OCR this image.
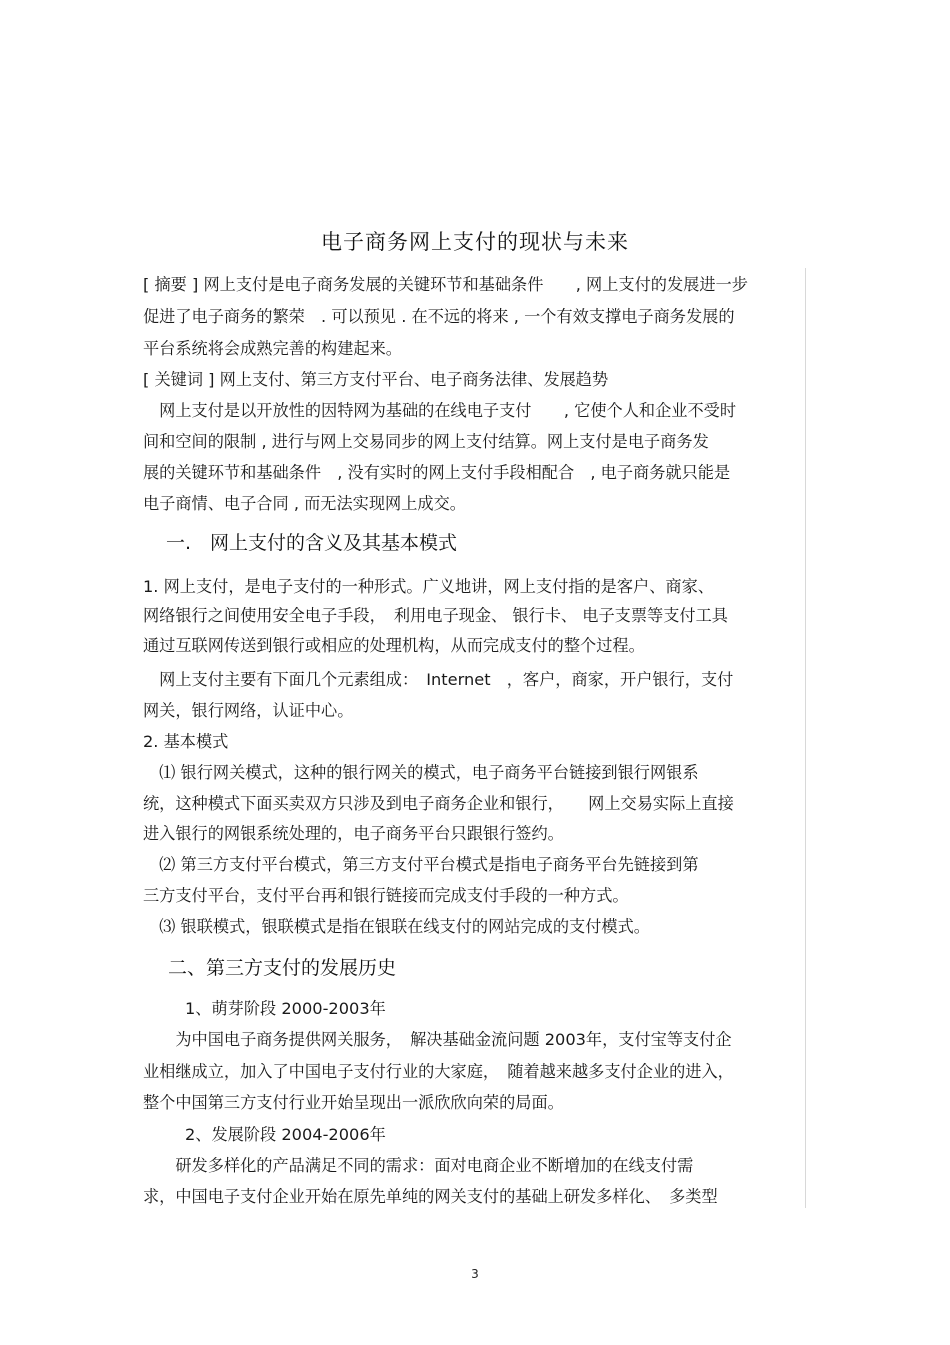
电子商务网上支付的现状与未来
[ 摘要 ] 网上支付是电子商务发展的关键环节和基础条件　　, 网上支付的发展进一步
促进了电子商务的繁荣　. 可以预见 . 在不远的将来 , 一个有效支撑电子商务发展的
平台系统将会成熟完善的构建起来。
[ 关键词 ] 网上支付、第三方支付平台、电子商务法律、发展趋势
　网上支付是以开放性的因特网为基础的在线电子支付　　, 它使个人和企业不受时
间和空间的限制 , 进行与网上交易同步的网上支付结算。网上支付是电子商务发
展的关键环节和基础条件　, 没有实时的网上支付手段相配合　, 电子商务就只能是
电子商情、电子合同 , 而无法实现网上成交。
一.　网上支付的含义及其基本模式
1. 网上支付，是电子支付的一种形式。广义地讲，网上支付指的是客户、商家、
网络银行之间使用安全电子手段，　利用电子现金、 银行卡、 电子支票等支付工具
通过互联网传送到银行或相应的处理机构，从而完成支付的整个过程。
　网上支付主要有下面几个元素组成：　Internet　，客户，商家，开户银行，支付
网关，银行网络，认证中心。
2. 基本模式
　⑴ 银行网关模式，这种的银行网关的模式，电子商务平台链接到银行网银系
统，这种模式下面买卖双方只涉及到电子商务企业和银行，　　网上交易实际上直接
进入银行的网银系统处理的，电子商务平台只跟银行签约。
　⑵ 第三方支付平台模式，第三方支付平台模式是指电子商务平台先链接到第
三方支付平台，支付平台再和银行链接而完成支付手段的一种方式。
　⑶ 银联模式，银联模式是指在银联在线支付的网站完成的支付模式。
二、第三方支付的发展历史
1、萌芽阶段 2000-2003年
　　为中国电子商务提供网关服务，　解决基础金流问题 2003年，支付宝等支付企
业相继成立，加入了中国电子支付行业的大家庭，　随着越来越多支付企业的进入，
整个中国第三方支付行业开始呈现出一派欣欣向荣的局面。
2、发展阶段 2004-2006年
　　研发多样化的产品满足不同的需求：面对电商企业不断增加的在线支付需
求，中国电子支付企业开始在原先单纯的网关支付的基础上研发多样化、　多类型
3
